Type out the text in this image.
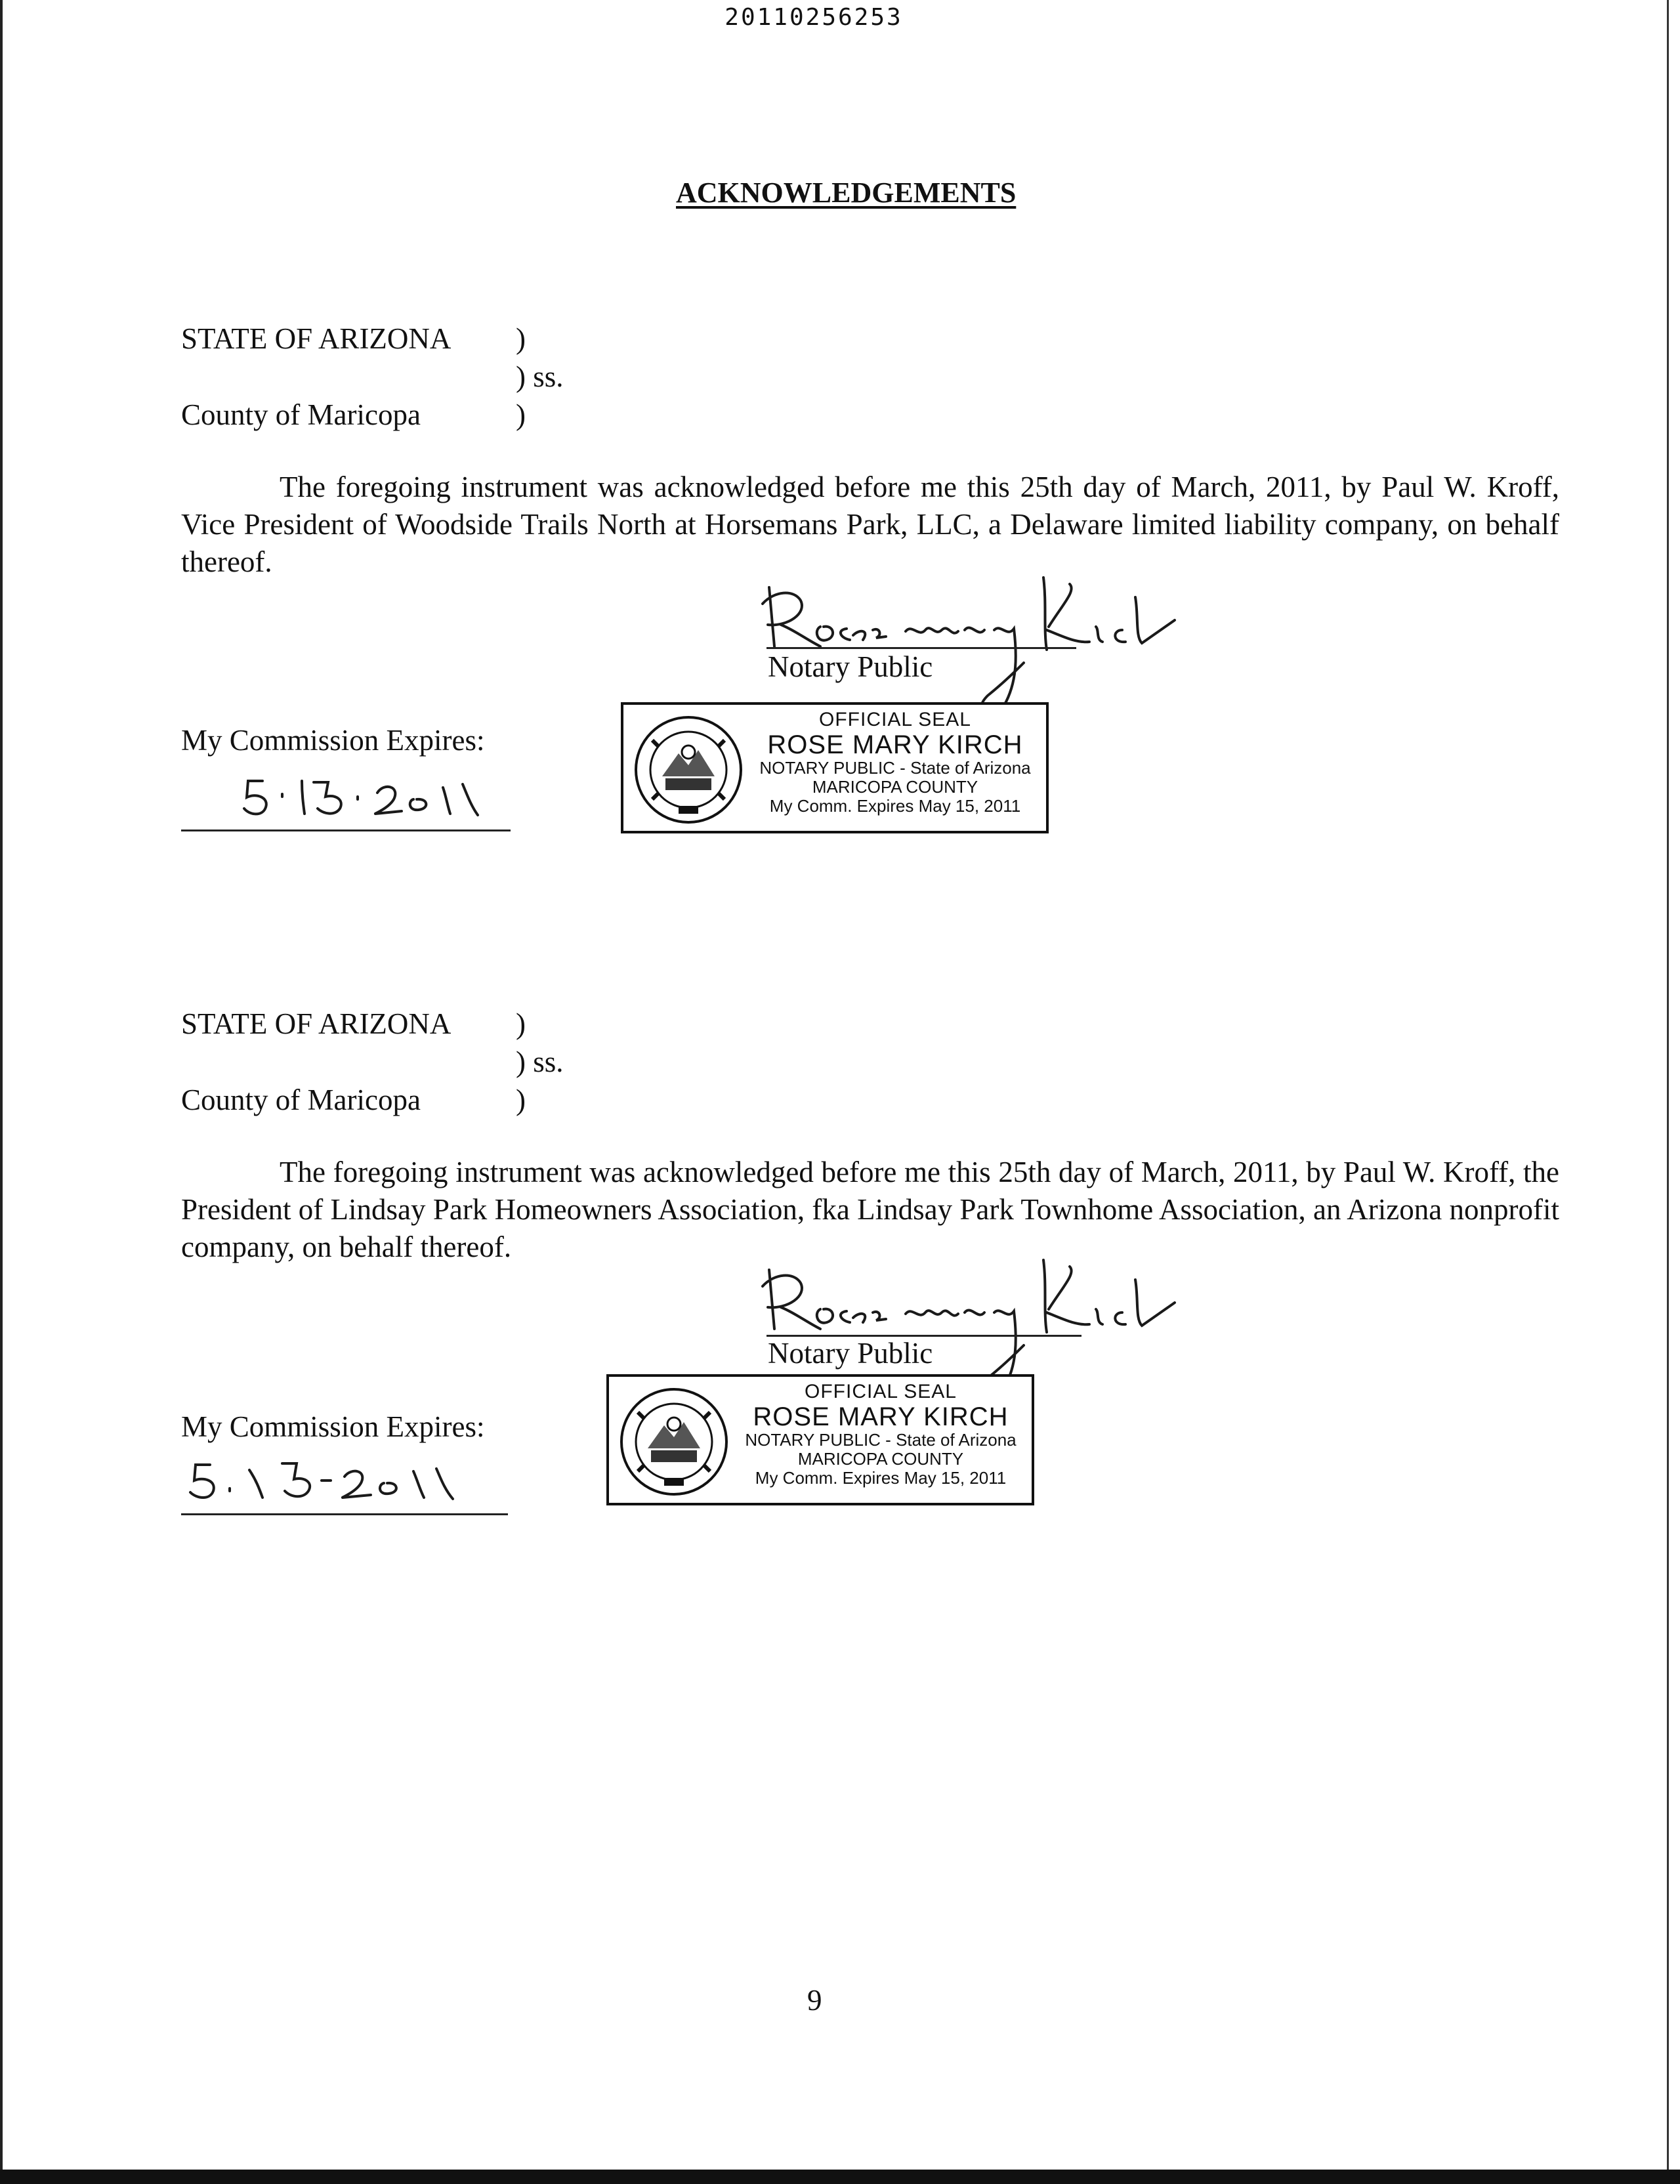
20110256253
ACKNOWLEDGEMENTS
STATE OF ARIZONA )
) ss.
County of Maricopa	)
The foregoing instrument was acknowledged before me this 25th day of March, 2011, by Paul W. Kroff, Vice President of Woodside Trails North at Horsemans Park, LLC, a Delaware limited liability company, on behalf thereof.
Notary Public
My Commission Expires:
OFFICIAL SEAL
ROSE MARY KIRCH
NOTARY PUBLIC - State of Arizona
MARICOPA COUNTY
My Comm. Expires May 15, 2011
STATE OF ARIZONA )
) ss.
County of Maricopa	)
The foregoing instrument was acknowledged before me this 25th day of March, 2011, by Paul W. Kroff, the President of Lindsay Park Homeowners Association, fka Lindsay Park Townhome Association, an Arizona nonprofit company, on behalf thereof.
Notary Public
My Commission Expires:
OFFICIAL SEAL
ROSE MARY KIRCH
NOTARY PUBLIC - State of Arizona
MARICOPA COUNTY
My Comm. Expires May 15, 2011
9
